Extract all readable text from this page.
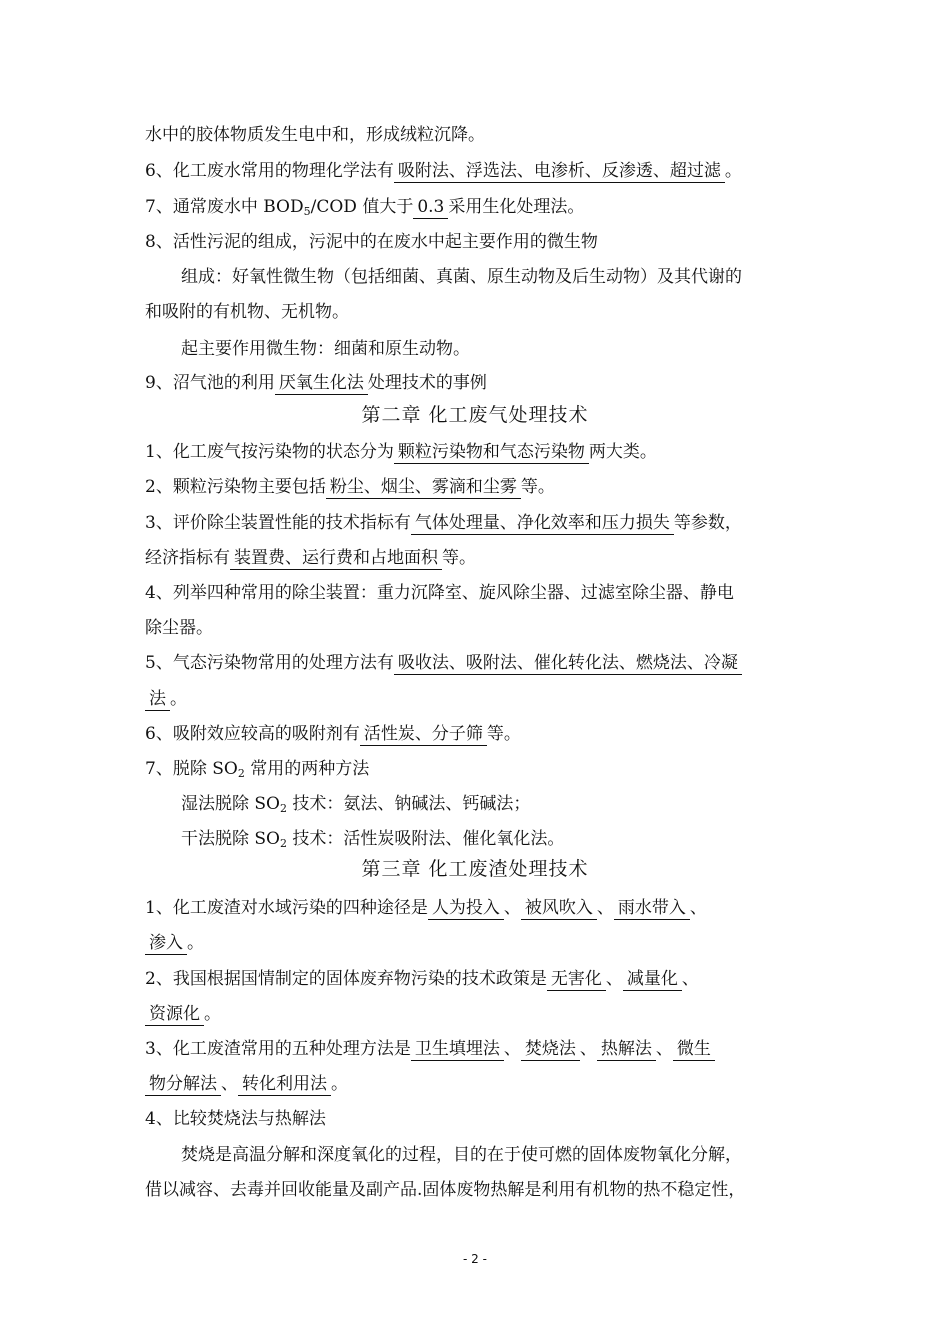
水中的胶体物质发生电中和，形成绒粒沉降。
6、化工废水常用的物理化学法有 吸附法、浮选法、电渗析、反渗透、超过滤 。
7、通常废水中 $BOD_5$/COD 值大于 0.3 采用生化处理法。
8、活性污泥的组成，污泥中的在废水中起主要作用的微生物
组成：好氧性微生物（包括细菌、真菌、原生动物及后生动物）及其代谢的
和吸附的有机物、无机物。
起主要作用微生物：细菌和原生动物。
9、沼气池的利用 厌氧生化法 处理技术的事例
第二章 化工废气处理技术
1、化工废气按污染物的状态分为 颗粒污染物和气态污染物 两大类。
2、颗粒污染物主要包括 粉尘、烟尘、雾滴和尘雾 等。
3、评价除尘装置性能的技术指标有 气体处理量、净化效率和压力损失 等参数，
经济指标有 装置费、运行费和占地面积 等。
4、列举四种常用的除尘装置：重力沉降室、旋风除尘器、过滤室除尘器、静电
除尘器。
5、气态污染物常用的处理方法有 吸收法、吸附法、催化转化法、燃烧法、冷凝
法 。
6、吸附效应较高的吸附剂有 活性炭、分子筛 等。
7、脱除 $SO_2$ 常用的两种方法
湿法脱除 $SO_2$ 技术：氨法、钠碱法、钙碱法；
干法脱除 $SO_2$ 技术：活性炭吸附法、催化氧化法。
第三章 化工废渣处理技术
1、化工废渣对水域污染的四种途径是 人为投入 、 被风吹入 、 雨水带入 、
渗入 。
2、我国根据国情制定的固体废弃物污染的技术政策是 无害化 、 减量化 、
资源化 。
3、化工废渣常用的五种处理方法是 卫生填埋法 、 焚烧法 、 热解法 、 微生
物分解法 、 转化利用法 。
4、比较焚烧法与热解法
焚烧是高温分解和深度氧化的过程，目的在于使可燃的固体废物氧化分解，
借以减容、去毒并回收能量及副产品.固体废物热解是利用有机物的热不稳定性，
- 2 -
